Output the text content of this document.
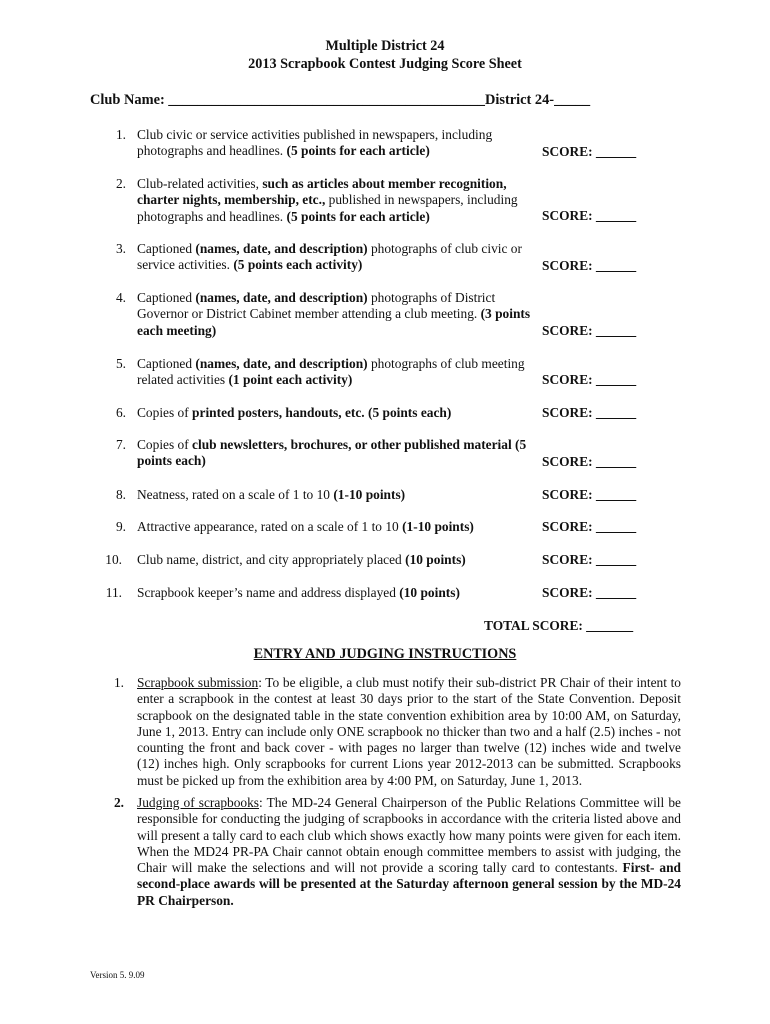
Multiple District 24
2013 Scrapbook Contest Judging Score Sheet
Club Name: ____________________________________________District 24-_____
1. Club civic or service activities published in newspapers, including photographs and headlines. (5 points for each article)	SCORE: ______
2. Club-related activities, such as articles about member recognition, charter nights, membership, etc., published in newspapers, including photographs and headlines. (5 points for each article)	SCORE: ______
3. Captioned (names, date, and description) photographs of club civic or service activities. (5 points each activity)	SCORE: ______
4. Captioned (names, date, and description) photographs of District Governor or District Cabinet member attending a club meeting. (3 points each meeting)	SCORE: ______
5. Captioned (names, date, and description) photographs of club meeting related activities (1 point each activity)	SCORE: ______
6. Copies of printed posters, handouts, etc. (5 points each)	SCORE: ______
7. Copies of club newsletters, brochures, or other published material (5 points each)	SCORE: ______
8. Neatness, rated on a scale of 1 to 10 (1-10 points)	SCORE: ______
9. Attractive appearance, rated on a scale of 1 to 10 (1-10 points)	SCORE: ______
10. Club name, district, and city appropriately placed (10 points)	SCORE: ______
11. Scrapbook keeper’s name and address displayed (10 points)	SCORE: ______
TOTAL SCORE: _______
ENTRY AND JUDGING INSTRUCTIONS
1. Scrapbook submission: To be eligible, a club must notify their sub-district PR Chair of their intent to enter a scrapbook in the contest at least 30 days prior to the start of the State Convention. Deposit scrapbook on the designated table in the state convention exhibition area by 10:00 AM, on Saturday, June 1, 2013. Entry can include only ONE scrapbook no thicker than two and a half (2.5) inches - not counting the front and back cover - with pages no larger than twelve (12) inches wide and twelve (12) inches high. Only scrapbooks for current Lions year 2012-2013 can be submitted. Scrapbooks must be picked up from the exhibition area by 4:00 PM, on Saturday, June 1, 2013.
2. Judging of scrapbooks: The MD-24 General Chairperson of the Public Relations Committee will be responsible for conducting the judging of scrapbooks in accordance with the criteria listed above and will present a tally card to each club which shows exactly how many points were given for each item. When the MD24 PR-PA Chair cannot obtain enough committee members to assist with judging, the Chair will make the selections and will not provide a scoring tally card to contestants. First- and second-place awards will be presented at the Saturday afternoon general session by the MD-24 PR Chairperson.
Version 5. 9.09
